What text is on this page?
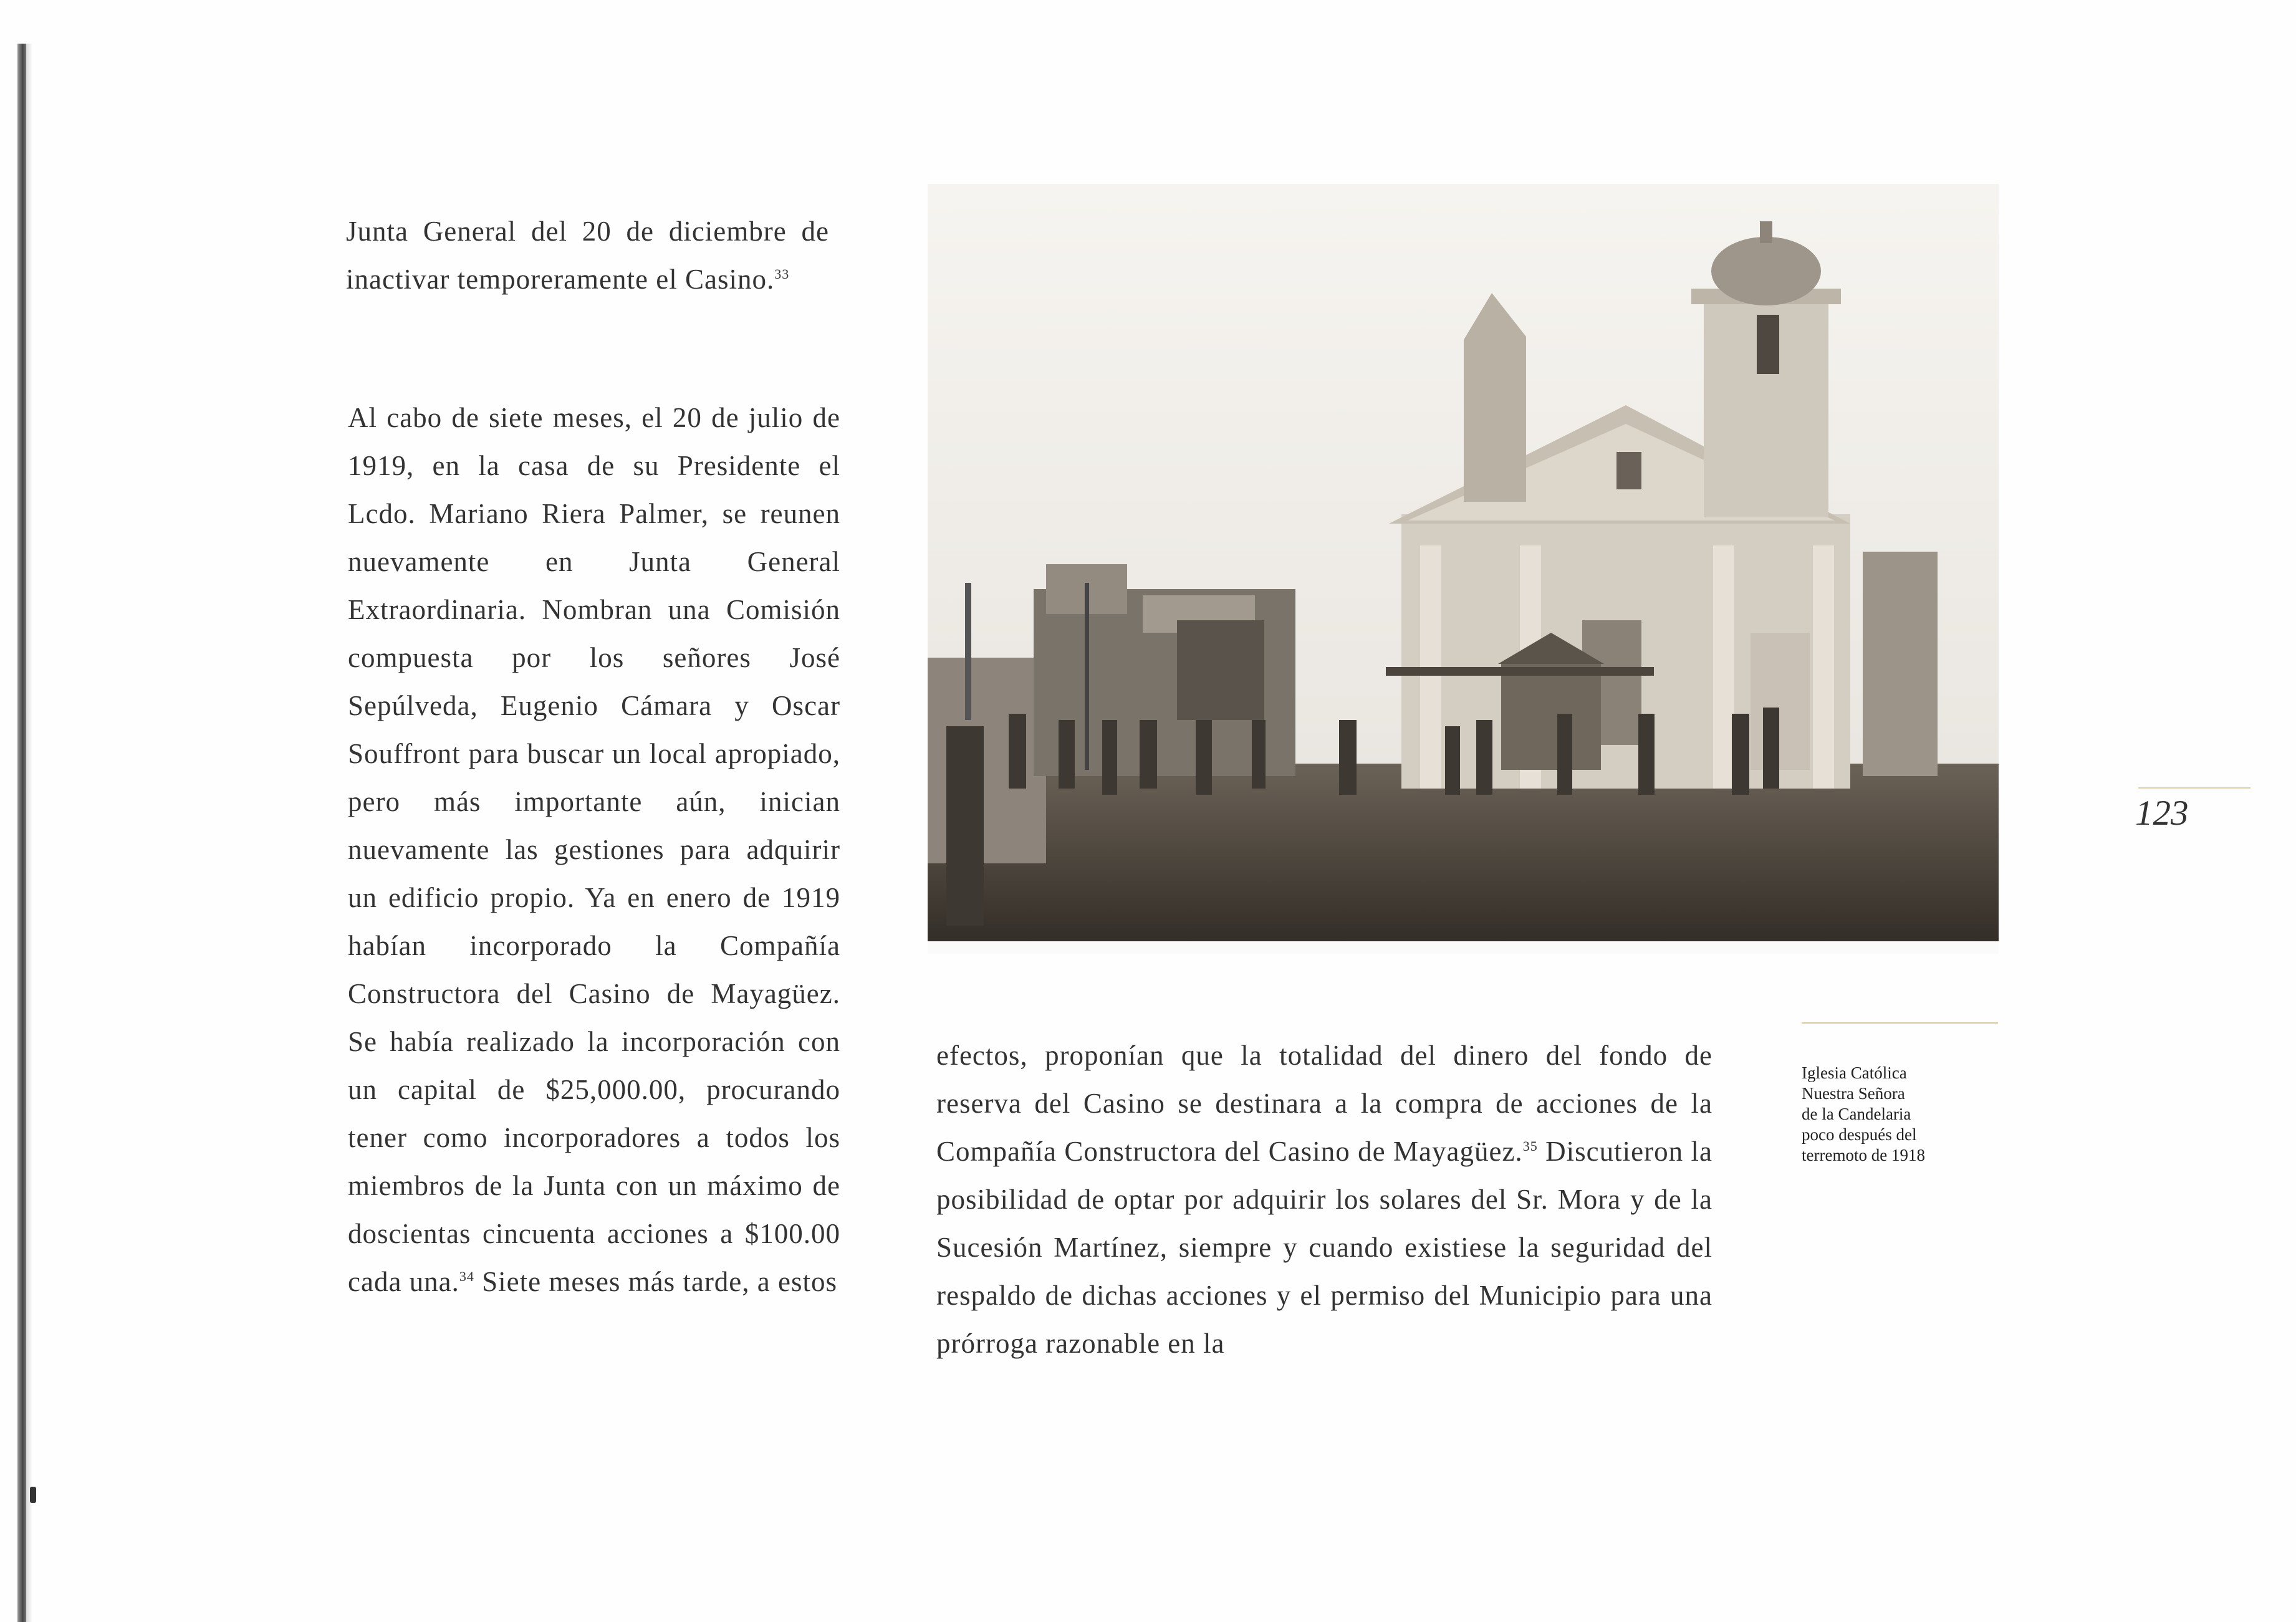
Junta General del 20 de diciembre de inactivar temporeramente el Casino.$^{33}$

Al cabo de siete meses, el 20 de julio de 1919, en la casa de su Presidente el Lcdo. Mariano Riera Palmer, se reunen nuevamente en Junta General Extraordinaria. Nombran una Comisión compuesta por los señores José Sepúlveda, Eugenio Cámara y Oscar Souffront para buscar un local apropiado, pero más importante aún, inician nuevamente las gestiones para adquirir un edificio propio. Ya en enero de 1919 habían incorporado la Compañía Constructora del Casino de Mayagüez. Se había realizado la incorporación con un capital de $25,000.00, procurando tener como incorporadores a todos los miembros de la Junta con un máximo de doscientas cincuenta acciones a $100.00 cada una.$^{34}$ Siete meses más tarde, a estos

efectos, proponían que la totalidad del dinero del fondo de reserva del Casino se destinara a la compra de acciones de la Compañía Constructora del Casino de Mayagüez.$^{35}$ Discutieron la posibilidad de optar por adquirir los solares del Sr. Mora y de la Sucesión Martínez, siempre y cuando existiese la seguridad del respaldo de dichas acciones y el permiso del Municipio para una prórroga razonable en la

Iglesia Católica
Nuestra Señora
de la Candelaria
poco después del
terremoto de 1918

123
